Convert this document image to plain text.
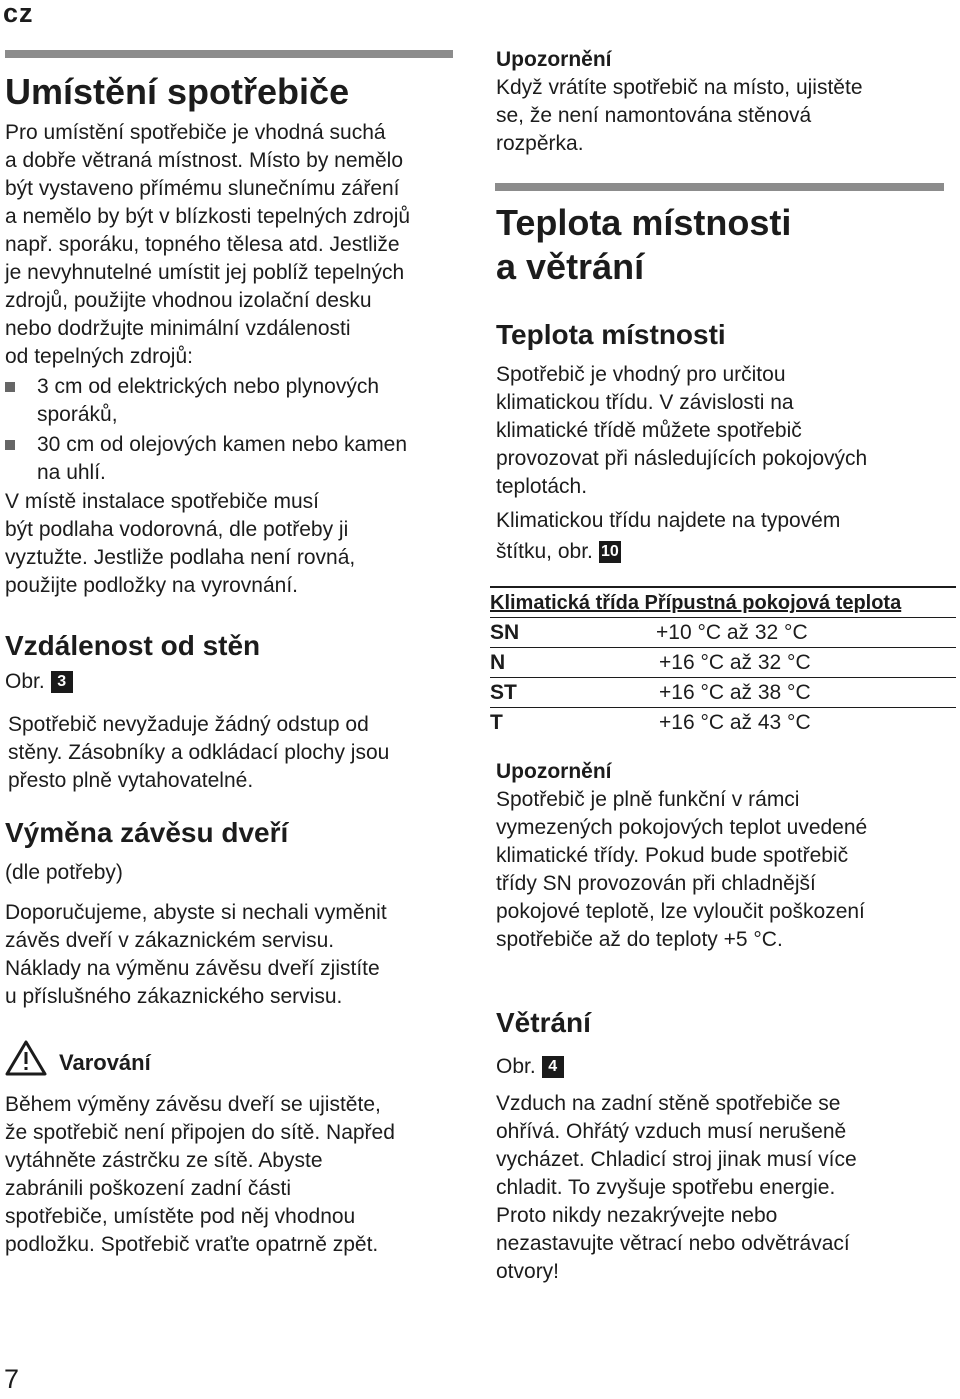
cz
Umístění spotřebiče

Pro umístění spotřebiče je vhodná suchá

a dobře větraná místnost. Místo by nemělo

být vystaveno přímému slunečnímu záření

a nemělo by být v blízkosti tepelných zdrojů

např. sporáku, topného tělesa atd. Jestliže

je nevyhnutelné umístit jej poblíž tepelných

zdrojů, použijte vhodnou izolační desku

nebo dodržujte minimální vzdálenosti

od tepelných zdrojů:

3 cm od elektrických nebo plynových

sporáků,

30 cm od olejových kamen nebo kamen

na uhlí.

V místě instalace spotřebiče musí

být podlaha vodorovná, dle potřeby ji

vyztužte. Jestliže podlaha není rovná,

použijte podložky na vyrovnání.

Vzdálenost od stěn

Obr. 3

Spotřebič nevyžaduje žádný odstup od

stěny. Zásobníky a odkládací plochy jsou

přesto plně vytahovatelné.

Výměna závěsu dveří

(dle potřeby)

Doporučujeme, abyste si nechali vyměnit

závěs dveří v zákaznickém servisu.

Náklady na výměnu závěsu dveří zjistíte

u příslušného zákaznického servisu.

Varování

Během výměny závěsu dveří se ujistěte,

že spotřebič není připojen do sítě. Napřed

vytáhněte zástrčku ze sítě. Abyste

zabránili poškození zadní části

spotřebiče, umístěte pod něj vhodnou

podložku. Spotřebič vraťte opatrně zpět.

Upozornění

Když vrátíte spotřebič na místo, ujistěte

se, že není namontována stěnová

rozpěrka.

Teplota místnosti
a větrání
Teplota místnosti

Spotřebič je vhodný pro určitou

klimatickou třídu. V závislosti na

klimatické třídě můžete spotřebič

provozovat při následujících pokojových

teplotách.

Klimatickou třídu najdete na typovém

štítku, obr. 10

Klimatická třída Přípustná pokojová teplota
SN	+10 °C až 32 °C
N	+16 °C až 32 °C
ST	+16 °C až 38 °C
T	+16 °C až 43 °C

Upozornění

Spotřebič je plně funkční v rámci

vymezených pokojových teplot uvedené

klimatické třídy. Pokud bude spotřebič

třídy SN provozován při chladnější

pokojové teplotě, lze vyloučit poškození

spotřebiče až do teploty +5 °C.

Větrání

Obr. 4

Vzduch na zadní stěně spotřebiče se

ohřívá. Ohřátý vzduch musí nerušeně

vycházet. Chladicí stroj jinak musí více

chladit. To zvyšuje spotřebu energie.

Proto nikdy nezakrývejte nebo

nezastavujte větrací nebo odvětrávací

otvory!

7
